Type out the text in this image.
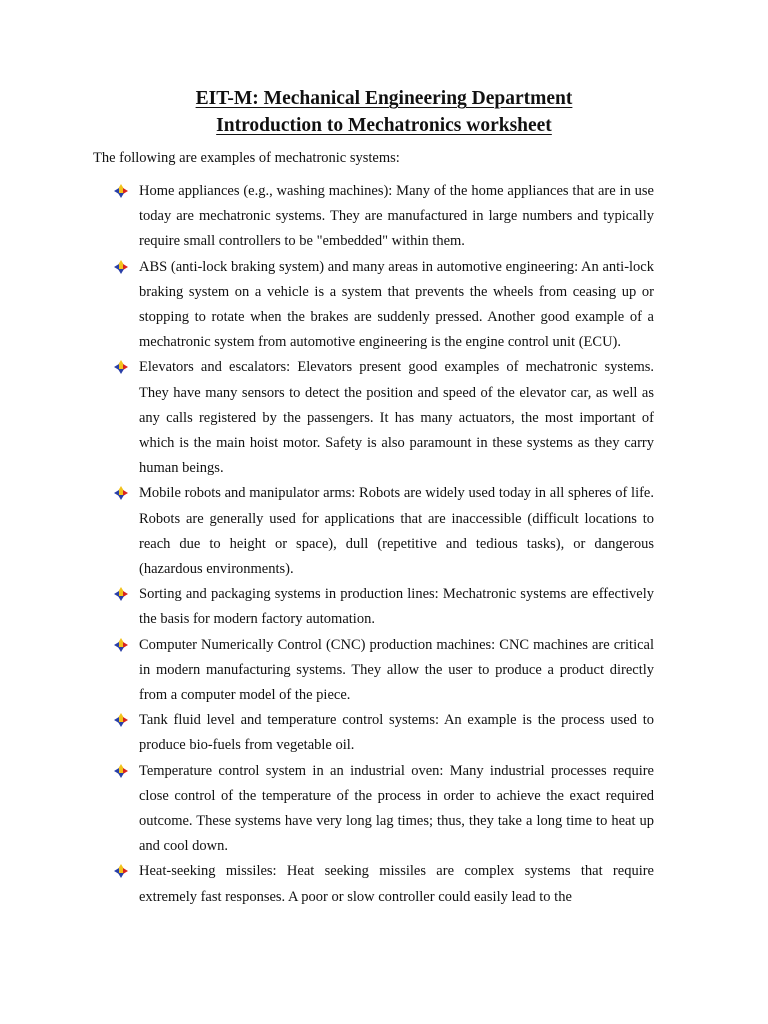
EIT-M: Mechanical Engineering Department
Introduction to Mechatronics worksheet

The following are examples of mechatronic systems:

Home appliances (e.g., washing machines): Many of the home appliances that are in use today are mechatronic systems. They are manufactured in large numbers and typically require small controllers to be "embedded" within them.
ABS (anti-lock braking system) and many areas in automotive engineering: An anti-lock braking system on a vehicle is a system that prevents the wheels from ceasing up or stopping to rotate when the brakes are suddenly pressed. Another good example of a mechatronic system from automotive engineering is the engine control unit (ECU).
Elevators and escalators: Elevators present good examples of mechatronic systems. They have many sensors to detect the position and speed of the elevator car, as well as any calls registered by the passengers. It has many actuators, the most important of which is the main hoist motor. Safety is also paramount in these systems as they carry human beings.
Mobile robots and manipulator arms: Robots are widely used today in all spheres of life. Robots are generally used for applications that are inaccessible (difficult locations to reach due to height or space), dull (repetitive and tedious tasks), or dangerous (hazardous environments).
Sorting and packaging systems in production lines: Mechatronic systems are effectively the basis for modern factory automation.
Computer Numerically Control (CNC) production machines: CNC machines are critical in modern manufacturing systems. They allow the user to produce a product directly from a computer model of the piece.
Tank fluid level and temperature control systems: An example is the process used to produce bio-fuels from vegetable oil.
Temperature control system in an industrial oven: Many industrial processes require close control of the temperature of the process in order to achieve the exact required outcome. These systems have very long lag times; thus, they take a long time to heat up and cool down.
Heat-seeking missiles: Heat seeking missiles are complex systems that require extremely fast responses. A poor or slow controller could easily lead to the
